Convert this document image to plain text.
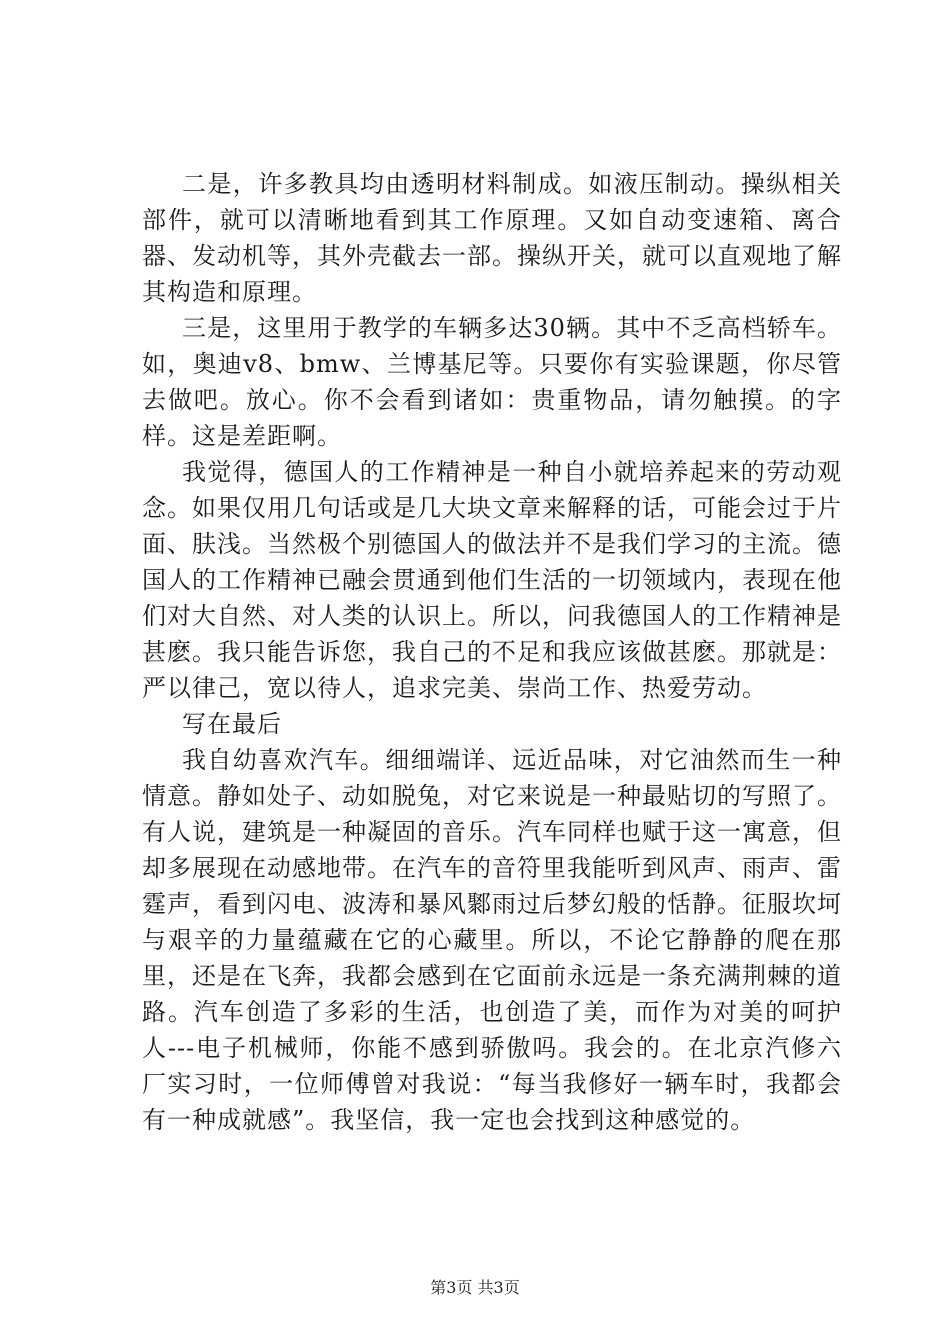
二是，许多教具均由透明材料制成。如液压制动。操纵相关部件，就可以清晰地看到其工作原理。又如自动变速箱、离合器、发动机等，其外壳截去一部。操纵开关，就可以直观地了解其构造和原理。

三是，这里用于教学的车辆多达30辆。其中不乏高档轿车。如，奥迪v8、bmw、兰博基尼等。只要你有实验课题，你尽管去做吧。放心。你不会看到诸如：贵重物品，请勿触摸。的字样。这是差距啊。

我觉得，德国人的工作精神是一种自小就培养起来的劳动观念。如果仅用几句话或是几大块文章来解释的话，可能会过于片面、肤浅。当然极个别德国人的做法并不是我们学习的主流。德国人的工作精神已融会贯通到他们生活的一切领域内，表现在他们对大自然、对人类的认识上。所以，问我德国人的工作精神是甚麽。我只能告诉您，我自己的不足和我应该做甚麽。那就是：严以律己，宽以待人，追求完美、崇尚工作、热爱劳动。

写在最后

我自幼喜欢汽车。细细端详、远近品味，对它油然而生一种情意。静如处子、动如脱兔，对它来说是一种最贴切的写照了。有人说，建筑是一种凝固的音乐。汽车同样也赋于这一寓意，但却多展现在动感地带。在汽车的音符里我能听到风声、雨声、雷霆声，看到闪电、波涛和暴风鄹雨过后梦幻般的恬静。征服坎坷与艰辛的力量蕴藏在它的心藏里。所以，不论它静静的爬在那里，还是在飞奔，我都会感到在它面前永远是一条充满荆棘的道路。汽车创造了多彩的生活，也创造了美，而作为对美的呵护人---电子机械师，你能不感到骄傲吗。我会的。在北京汽修六厂实习时，一位师傅曾对我说：“每当我修好一辆车时，我都会有一种成就感”。我坚信，我一定也会找到这种感觉的。

第3页 共3页
